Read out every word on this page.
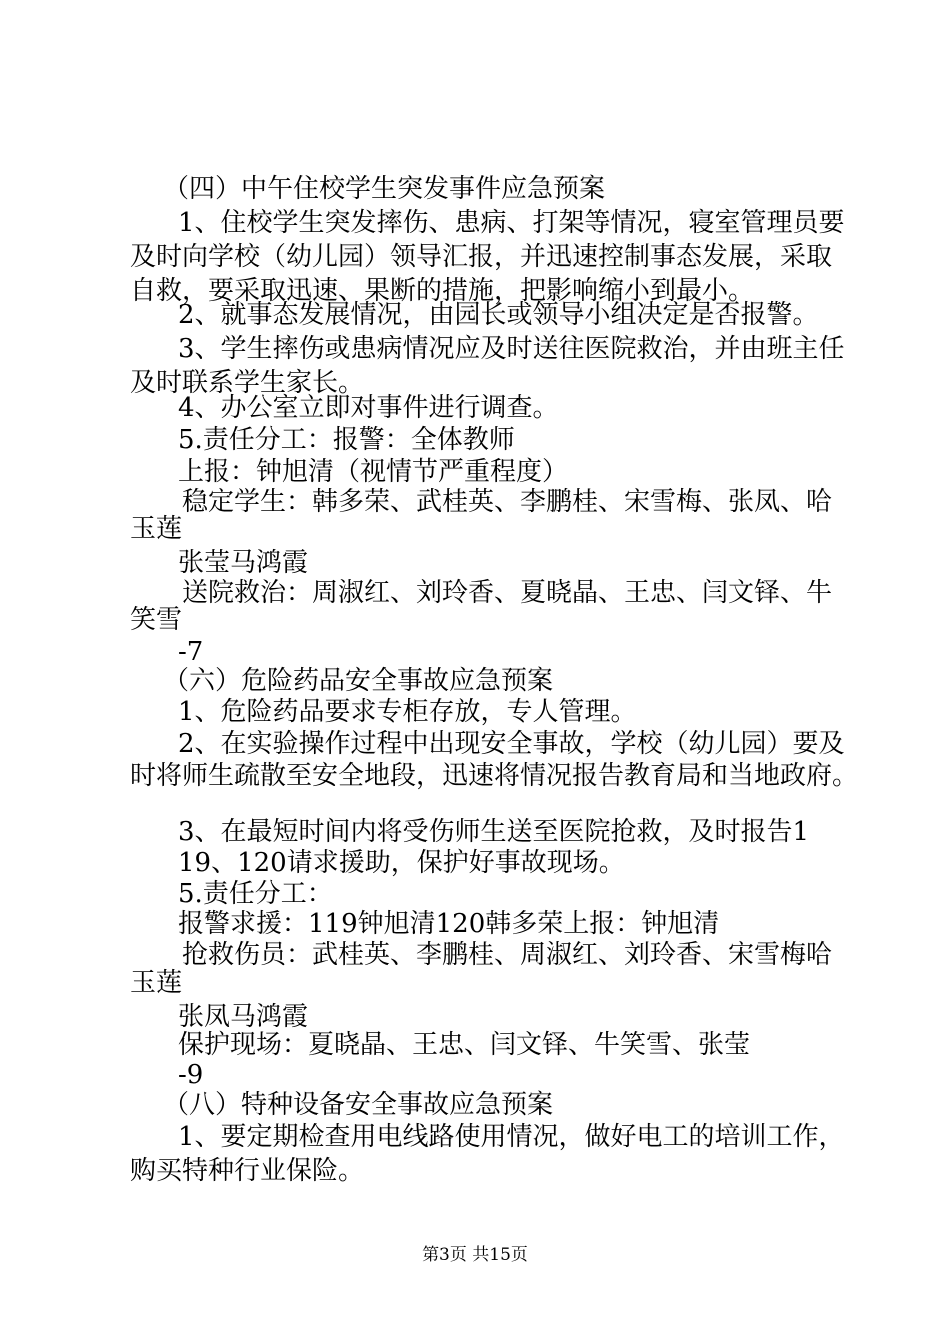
（四）中午住校学生突发事件应急预案
1、住校学生突发摔伤、患病、打架等情况，寝室管理员要
及时向学校（幼儿园）领导汇报，并迅速控制事态发展，采取
自救，要采取迅速、果断的措施，把影响缩小到最小。
2、就事态发展情况，由园长或领导小组决定是否报警。
3、学生摔伤或患病情况应及时送往医院救治，并由班主任
及时联系学生家长。
4、办公室立即对事件进行调查。
5.责任分工：报警：全体教师
上报：钟旭清（视情节严重程度）
稳定学生：韩多荣、武桂英、李鹏桂、宋雪梅、张凤、哈
玉莲
张莹马鸿霞
送院救治：周淑红、刘玲香、夏晓晶、王忠、闫文铎、牛
笑雪
-7
（六）危险药品安全事故应急预案
1、危险药品要求专柜存放，专人管理。
2、在实验操作过程中出现安全事故，学校（幼儿园）要及
时将师生疏散至安全地段，迅速将情况报告教育局和当地政府。
3、在最短时间内将受伤师生送至医院抢救，及时报告1
19、120请求援助，保护好事故现场。
5.责任分工：
报警求援：119钟旭清120韩多荣上报：钟旭清
抢救伤员：武桂英、李鹏桂、周淑红、刘玲香、宋雪梅哈
玉莲
张凤马鸿霞
保护现场：夏晓晶、王忠、闫文铎、牛笑雪、张莹
-9
（八）特种设备安全事故应急预案
1、要定期检查用电线路使用情况，做好电工的培训工作，
购买特种行业保险。
第3页 共15页
